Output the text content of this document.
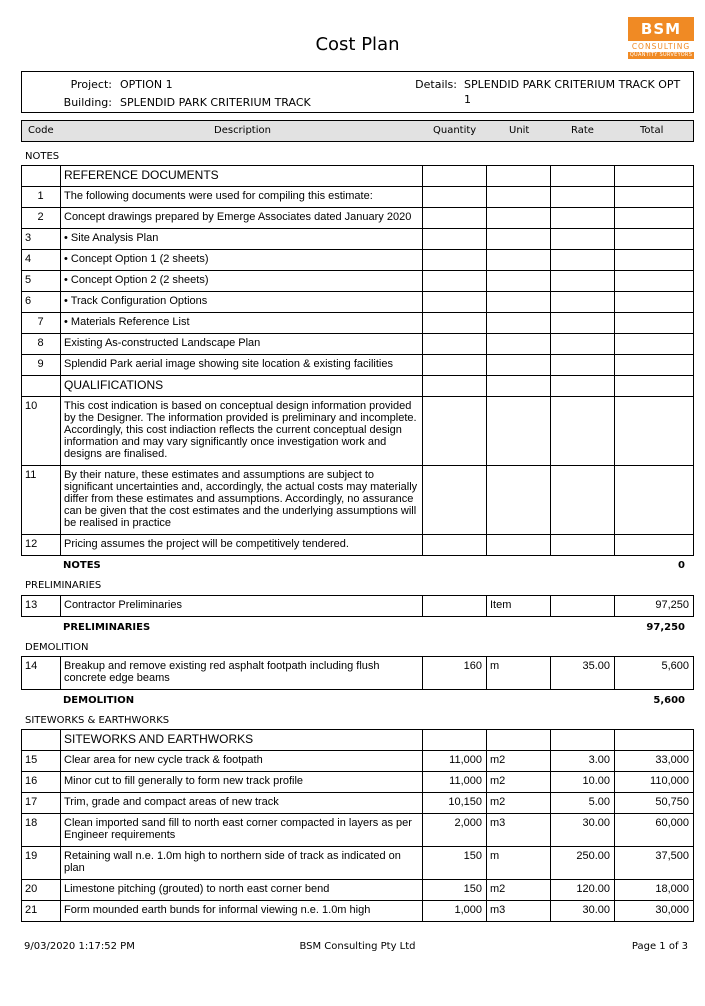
Cost Plan
BSM
CONSULTING
QUANTITY SURVEYORS
Project: OPTION 1
Building: SPLENDID PARK CRITERIUM TRACK
Details: SPLENDID PARK CRITERIUM TRACK OPT
1
Code	Description	Quantity	Unit	Rate	Total
NOTES
	REFERENCE DOCUMENTS				
1	The following documents were used for compiling this estimate:				
2	Concept drawings prepared by Emerge Associates dated January 2020				
3	• Site Analysis Plan				
4	• Concept Option 1 (2 sheets)				
5	• Concept Option 2 (2 sheets)				
6	• Track Configuration Options				
7	• Materials Reference List				
8	Existing As-constructed Landscape Plan				
9	Splendid Park aerial image showing site location & existing facilities				
	QUALIFICATIONS				
10	This cost indication is based on conceptual design information provided by the Designer. The information provided is preliminary and incomplete. Accordingly, this cost indiaction reflects the current conceptual design information and may vary significantly once investigation work and designs are finalised.				
11	By their nature, these estimates and assumptions are subject to significant uncertainties and, accordingly, the actual costs may materially differ from these estimates and assumptions. Accordingly, no assurance can be given that the cost estimates and the underlying assumptions will be realised in practice				
12	Pricing assumes the project will be competitively tendered.				
NOTES	0
PRELIMINARIES
13	Contractor Preliminaries		Item		97,250
PRELIMINARIES	97,250
DEMOLITION
14	Breakup and remove existing red asphalt footpath including flush concrete edge beams	160	m	35.00	5,600
DEMOLITION	5,600
SITEWORKS & EARTHWORKS
	SITEWORKS AND EARTHWORKS				
15	Clear area for new cycle track & footpath	11,000	m2	3.00	33,000
16	Minor cut to fill generally to form new track profile	11,000	m2	10.00	110,000
17	Trim, grade and compact areas of new track	10,150	m2	5.00	50,750
18	Clean imported sand fill to north east corner compacted in layers as per Engineer requirements	2,000	m3	30.00	60,000
19	Retaining wall n.e. 1.0m high to northern side of track as indicated on plan	150	m	250.00	37,500
20	Limestone pitching (grouted) to north east corner bend	150	m2	120.00	18,000
21	Form mounded earth bunds for informal viewing n.e. 1.0m high	1,000	m3	30.00	30,000
9/03/2020 1:17:52 PM	BSM Consulting Pty Ltd	Page 1 of 3
